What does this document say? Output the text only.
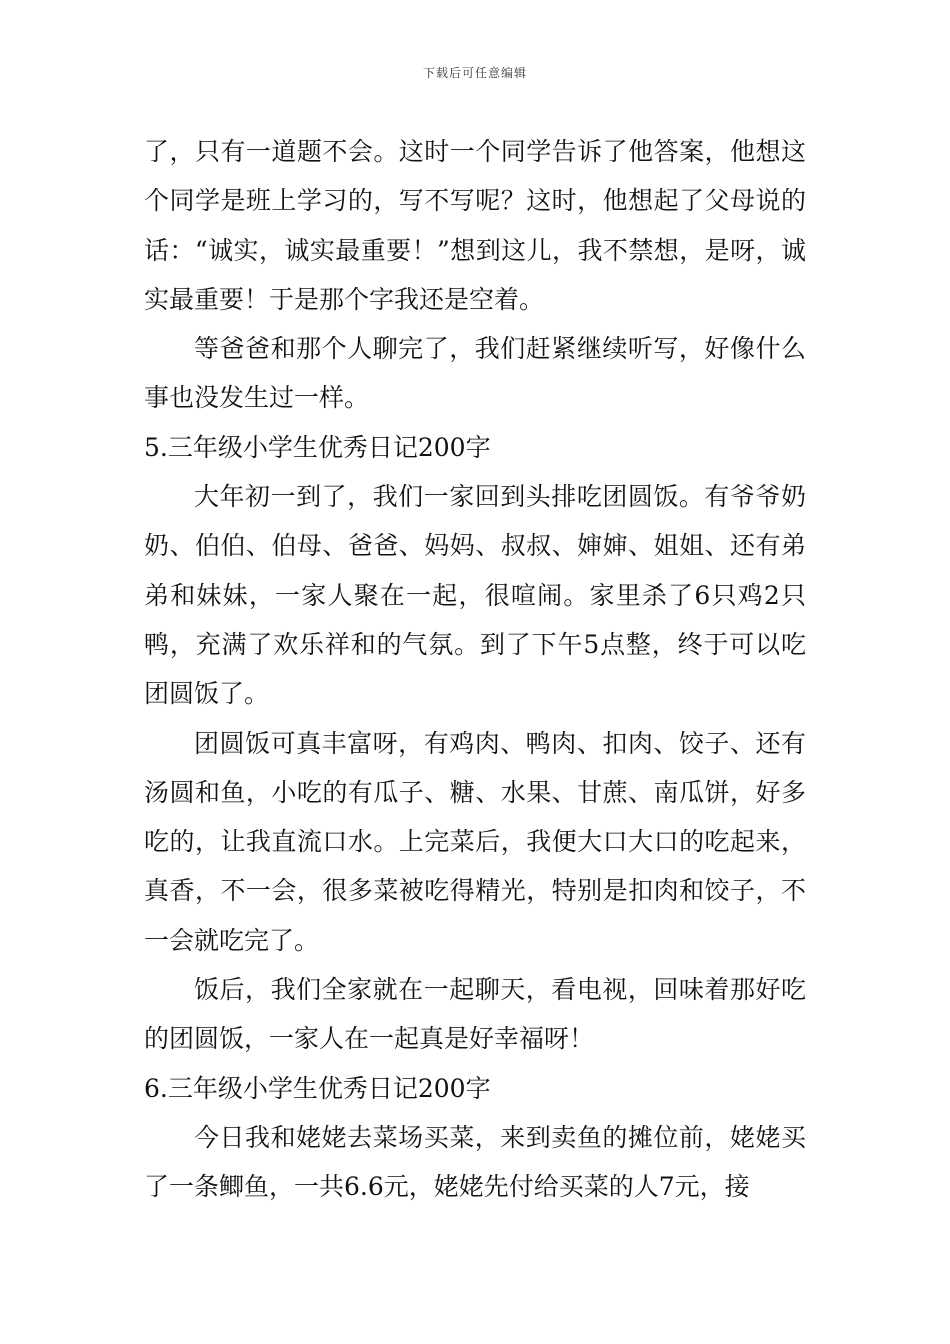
下载后可任意编辑

了，只有一道题不会。这时一个同学告诉了他答案，他想这个同学是班上学习的，写不写呢？这时，他想起了父母说的话：“诚实，诚实最重要！”想到这儿，我不禁想，是呀，诚实最重要！于是那个字我还是空着。

等爸爸和那个人聊完了，我们赶紧继续听写，好像什么事也没发生过一样。

5.三年级小学生优秀日记200字

大年初一到了，我们一家回到头排吃团圆饭。有爷爷奶奶、伯伯、伯母、爸爸、妈妈、叔叔、婶婶、姐姐、还有弟弟和妹妹，一家人聚在一起，很喧闹。家里杀了6只鸡2只鸭，充满了欢乐祥和的气氛。到了下午5点整，终于可以吃团圆饭了。

团圆饭可真丰富呀，有鸡肉、鸭肉、扣肉、饺子、还有汤圆和鱼，小吃的有瓜子、糖、水果、甘蔗、南瓜饼，好多吃的，让我直流口水。上完菜后，我便大口大口的吃起来，真香，不一会，很多菜被吃得精光，特别是扣肉和饺子，不一会就吃完了。

饭后，我们全家就在一起聊天，看电视，回味着那好吃的团圆饭，一家人在一起真是好幸福呀！

6.三年级小学生优秀日记200字

今日我和姥姥去菜场买菜，来到卖鱼的摊位前，姥姥买了一条鲫鱼，一共6.6元，姥姥先付给买菜的人7元，接
